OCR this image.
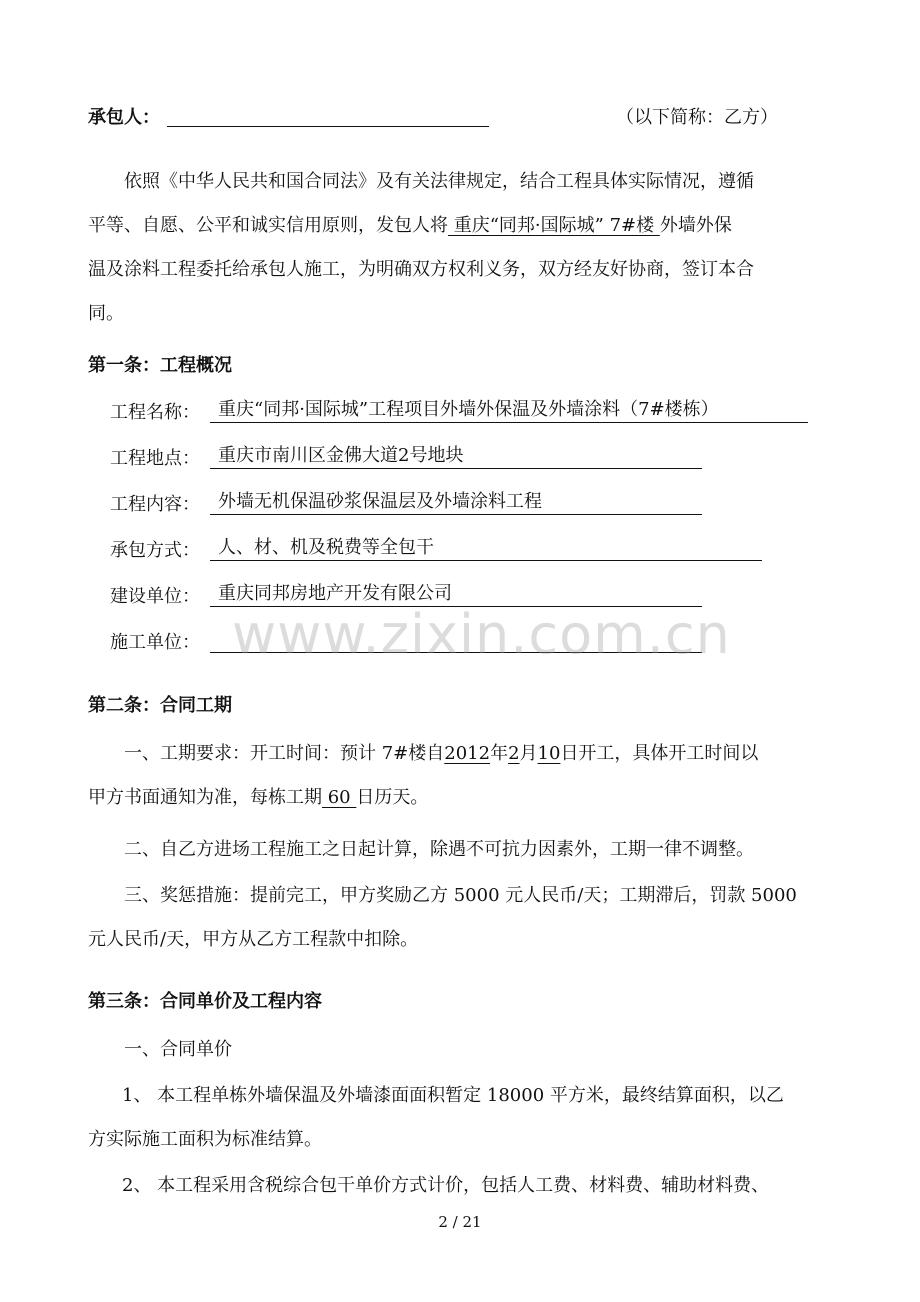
承包人：	（以下简称：乙方）
依照《中华人民共和国合同法》及有关法律规定，结合工程具体实际情况，遵循
平等、自愿、公平和诚实信用原则，发包人将 重庆“同邦·国际城” 7#楼 外墙外保
温及涂料工程委托给承包人施工，为明确双方权利义务，双方经友好协商，签订本合
同。
第一条：工程概况
工程名称：	重庆“同邦·国际城”工程项目外墙外保温及外墙涂料（7#楼栋）
工程地点：	重庆市南川区金佛大道2号地块
工程内容：	外墙无机保温砂浆保温层及外墙涂料工程
承包方式：	人、材、机及税费等全包干
建设单位：	重庆同邦房地产开发有限公司
施工单位： www.zixin.com.cn
第二条：合同工期
一、工期要求：开工时间：预计 7#楼自2012年2月10日开工，具体开工时间以
甲方书面通知为准，每栋工期 60 日历天。
二、自乙方进场工程施工之日起计算，除遇不可抗力因素外，工期一律不调整。
三、奖惩措施：提前完工，甲方奖励乙方 5000 元人民币/天；工期滞后，罚款 5000
元人民币/天，甲方从乙方工程款中扣除。
第三条：合同单价及工程内容
一、合同单价
1、 本工程单栋外墙保温及外墙漆面面积暂定 18000 平方米，最终结算面积，以乙
方实际施工面积为标准结算。
2、 本工程采用含税综合包干单价方式计价，包括人工费、材料费、辅助材料费、
2 / 21
